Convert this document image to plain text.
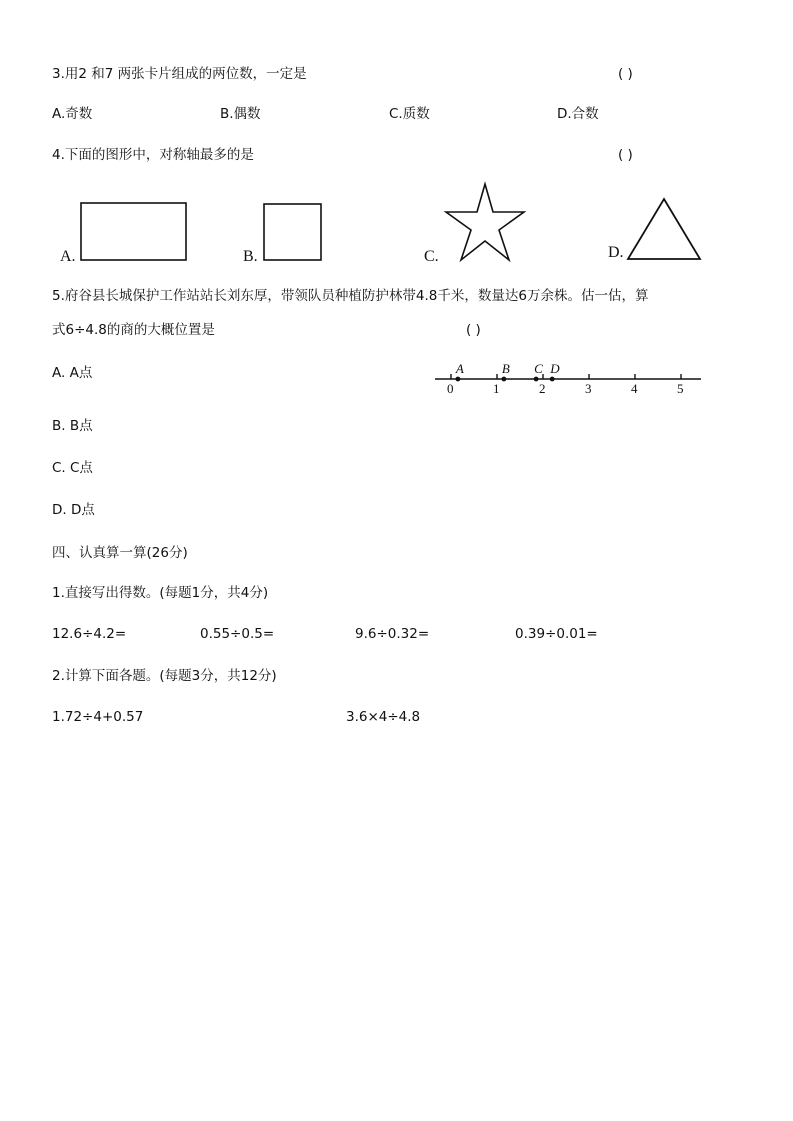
3.用2 和7 两张卡片组成的两位数，一定是	( )
A.奇数	B.偶数	C.质数	D.合数
4.下面的图形中，对称轴最多的是	( )
A.	B.	C.	D.
5.府谷县长城保护工作站站长刘东厚，带领队员种植防护林带4.8千米，数量达6万余株。估一估，算
式6÷4.8的商的大概位置是	( )
A. A点
B. B点
C. C点
D. D点
0	1	2	3	4	5
A	B C D
四、认真算一算(26分)
1.直接写出得数。(每题1分，共4分)
12.6÷4.2=	0.55÷0.5=	9.6÷0.32=	0.39÷0.01=
2.计算下面各题。(每题3分，共12分)
1.72÷4+0.57	3.6×4÷4.8
